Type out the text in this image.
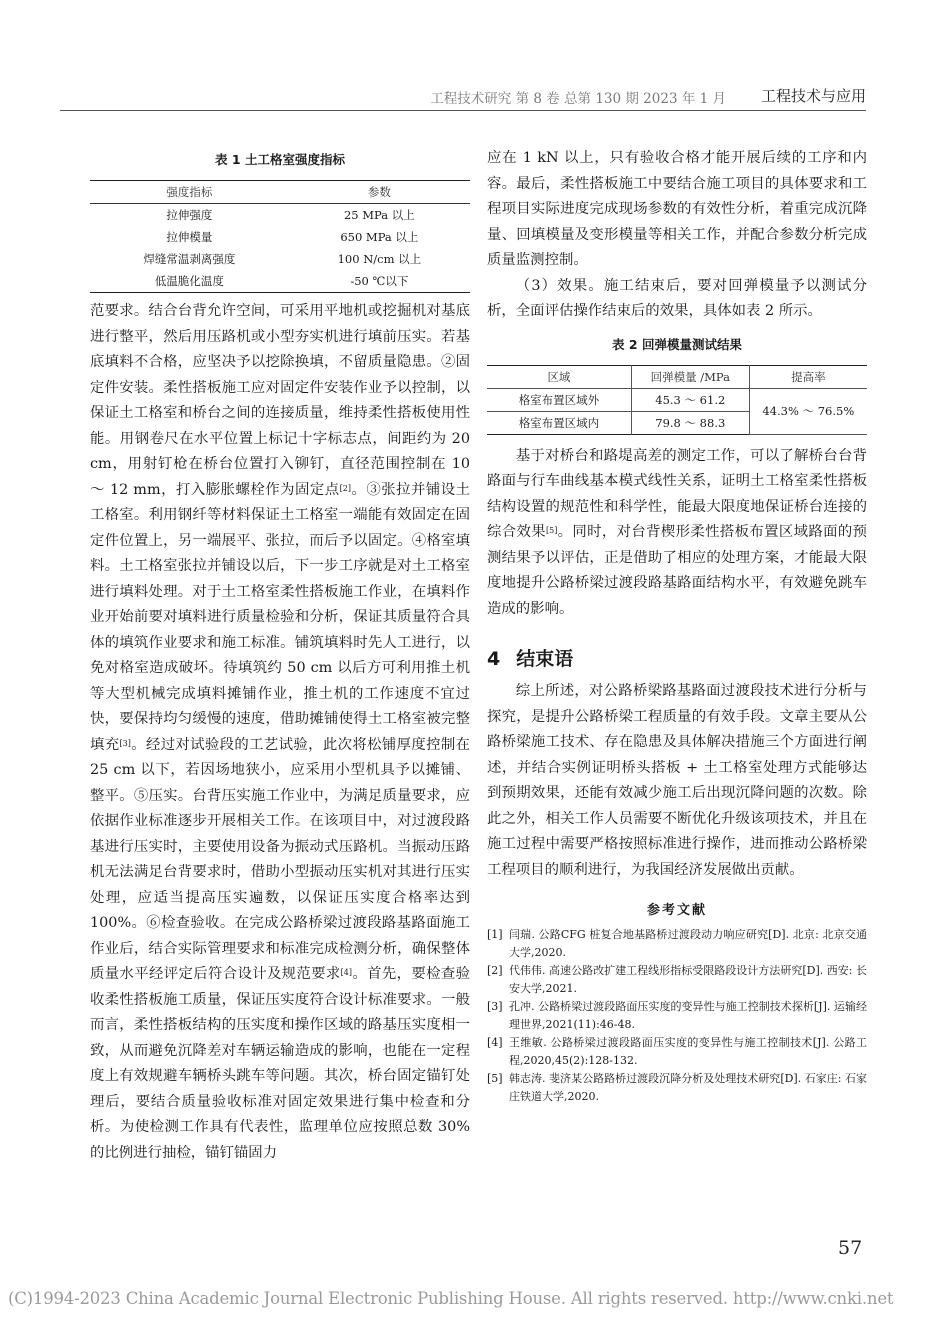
工程技术研究 第 8 卷 总第 130 期 2023 年 1 月 工程技术与应用
表 1 土工格室强度指标
强度指标	参数
拉伸强度	25 MPa 以上
拉伸模量	650 MPa 以上
焊缝常温剥离强度	100 N/cm 以上
低温脆化温度	-50 ℃以下

范要求。结合台背允许空间，可采用平地机或挖掘机对基底进行整平，然后用压路机或小型夯实机进行填前压实。若基底填料不合格，应坚决予以挖除换填，不留质量隐患。②固定件安装。柔性搭板施工应对固定件安装作业予以控制，以保证土工格室和桥台之间的连接质量，维持柔性搭板使用性能。用钢卷尺在水平位置上标记十字标志点，间距约为 20 cm，用射钉枪在桥台位置打入铆钉，直径范围控制在 10 ～ 12 mm，打入膨胀螺栓作为固定点[2]。③张拉并铺设土工格室。利用钢纤等材料保证土工格室一端能有效固定在固定件位置上，另一端展平、张拉，而后予以固定。④格室填料。土工格室张拉并铺设以后，下一步工序就是对土工格室进行填料处理。对于土工格室柔性搭板施工作业，在填料作业开始前要对填料进行质量检验和分析，保证其质量符合具体的填筑作业要求和施工标准。铺筑填料时先人工进行，以免对格室造成破坏。待填筑约 50 cm 以后方可利用推土机等大型机械完成填料摊铺作业，推土机的工作速度不宜过快，要保持均匀缓慢的速度，借助摊铺使得土工格室被完整填充[3]。经过对试验段的工艺试验，此次将松铺厚度控制在 25 cm 以下，若因场地狭小，应采用小型机具予以摊铺、整平。⑤压实。台背压实施工作业中，为满足质量要求，应依据作业标准逐步开展相关工作。在该项目中，对过渡段路基进行压实时，主要使用设备为振动式压路机。当振动压路机无法满足台背要求时，借助小型振动压实机对其进行压实处理，应适当提高压实遍数，以保证压实度合格率达到 100%。⑥检查验收。在完成公路桥梁过渡段路基路面施工作业后，结合实际管理要求和标准完成检测分析，确保整体质量水平经评定后符合设计及规范要求[4]。首先，要检查验收柔性搭板施工质量，保证压实度符合设计标准要求。一般而言，柔性搭板结构的压实度和操作区域的路基压实度相一致，从而避免沉降差对车辆运输造成的影响，也能在一定程度上有效规避车辆桥头跳车等问题。其次，桥台固定锚钉处理后，要结合质量验收标准对固定效果进行集中检查和分析。为使检测工作具有代表性，监理单位应按照总数 30% 的比例进行抽检，锚钉锚固力

应在 1 kN 以上，只有验收合格才能开展后续的工序和内容。最后，柔性搭板施工中要结合施工项目的具体要求和工程项目实际进度完成现场参数的有效性分析，着重完成沉降量、回填模量及变形模量等相关工作，并配合参数分析完成质量监测控制。

（3）效果。施工结束后，要对回弹模量予以测试分析，全面评估操作结束后的效果，具体如表 2 所示。

表 2 回弹模量测试结果
区域	回弹模量 /MPa	提高率
格室布置区域外	45.3 ～ 61.2	44.3% ～ 76.5%
格室布置区域内	79.8 ～ 88.3	

基于对桥台和路堤高差的测定工作，可以了解桥台台背路面与行车曲线基本模式线性关系，证明土工格室柔性搭板结构设置的规范性和科学性，能最大限度地保证桥台连接的综合效果[5]。同时，对台背楔形柔性搭板布置区域路面的预测结果予以评估，正是借助了相应的处理方案，才能最大限度地提升公路桥梁过渡段路基路面结构水平，有效避免跳车造成的影响。

4 结束语

综上所述，对公路桥梁路基路面过渡段技术进行分析与探究，是提升公路桥梁工程质量的有效手段。文章主要从公路桥梁施工技术、存在隐患及具体解决措施三个方面进行阐述，并结合实例证明桥头搭板 + 土工格室处理方式能够达到预期效果，还能有效减少施工后出现沉降问题的次数。除此之外，相关工作人员需要不断优化升级该项技术，并且在施工过程中需要严格按照标准进行操作，进而推动公路桥梁工程项目的顺利进行，为我国经济发展做出贡献。

参考文献
[1] 闫瑞. 公路CFG 桩复合地基路桥过渡段动力响应研究[D]. 北京: 北京交通大学,2020.
[2] 代伟伟. 高速公路改扩建工程线形指标受限路段设计方法研究[D]. 西安: 长安大学,2021.
[3] 孔冲. 公路桥梁过渡段路面压实度的变异性与施工控制技术探析[J]. 运输经理世界,2021(11):46-48.
[4] 王维敏. 公路桥梁过渡段路面压实度的变异性与施工控制技术[J]. 公路工程,2020,45(2):128-132.
[5] 韩志涛. 斐济某公路路桥过渡段沉降分析及处理技术研究[D]. 石家庄: 石家庄铁道大学,2020.
57
(C)1994-2023 China Academic Journal Electronic Publishing House. All rights reserved. http://www.cnki.net
